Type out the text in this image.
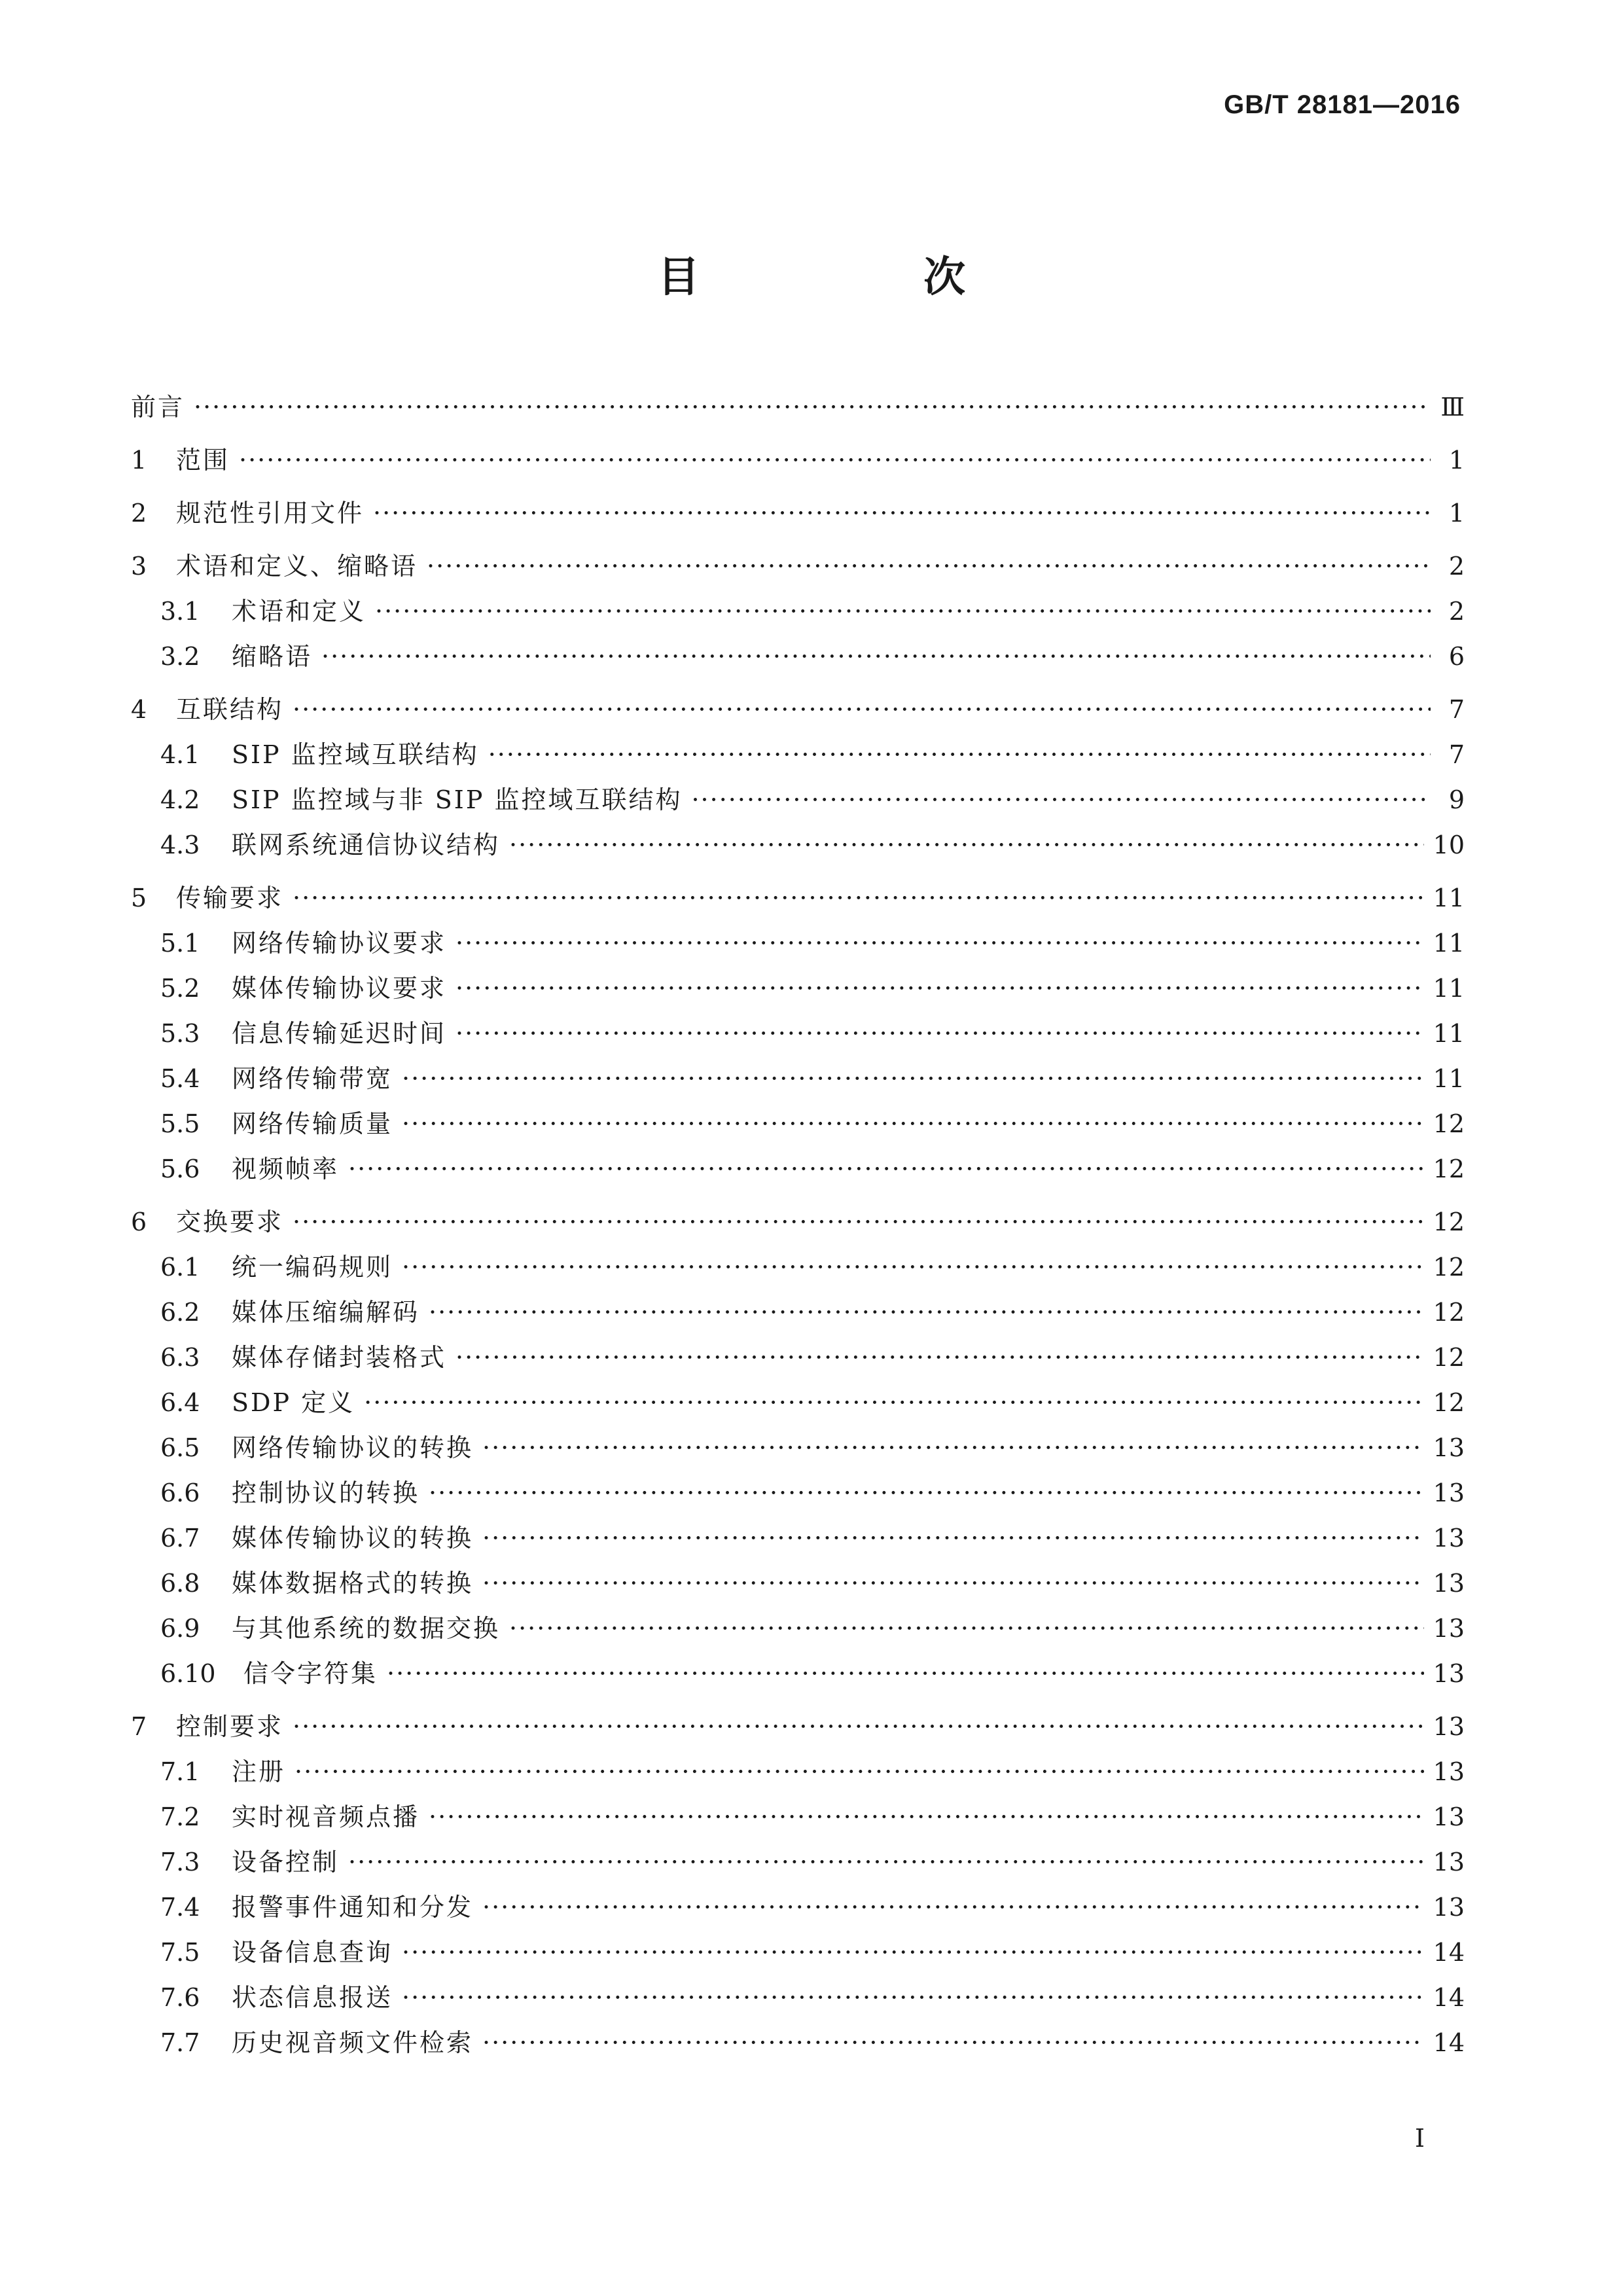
GB/T 28181—2016
目 次
前言 ·····	Ⅲ
1	范围 ·····	1
2	规范性引用文件 ·····	1
3	术语和定义、缩略语 ·····	2
3.1	术语和定义 ·····	2
3.2	缩略语 ·····	6
4	互联结构 ·····	7
4.1	SIP 监控域互联结构 ·····	7
4.2	SIP 监控域与非 SIP 监控域互联结构 ·····	9
4.3	联网系统通信协议结构 ·····	10
5	传输要求 ·····	11
5.1	网络传输协议要求 ·····	11
5.2	媒体传输协议要求 ·····	11
5.3	信息传输延迟时间 ·····	11
5.4	网络传输带宽 ·····	11
5.5	网络传输质量 ·····	12
5.6	视频帧率 ·····	12
6	交换要求 ·····	12
6.1	统一编码规则 ·····	12
6.2	媒体压缩编解码 ·····	12
6.3	媒体存储封装格式 ·····	12
6.4	SDP 定义 ·····	12
6.5	网络传输协议的转换 ·····	13
6.6	控制协议的转换 ·····	13
6.7	媒体传输协议的转换 ·····	13
6.8	媒体数据格式的转换 ·····	13
6.9	与其他系统的数据交换 ·····	13
6.10	信令字符集 ·····	13
7	控制要求 ·····	13
7.1	注册 ·····	13
7.2	实时视音频点播 ·····	13
7.3	设备控制 ·····	13
7.4	报警事件通知和分发 ·····	13
7.5	设备信息查询 ·····	14
7.6	状态信息报送 ·····	14
7.7	历史视音频文件检索 ·····	14
I
